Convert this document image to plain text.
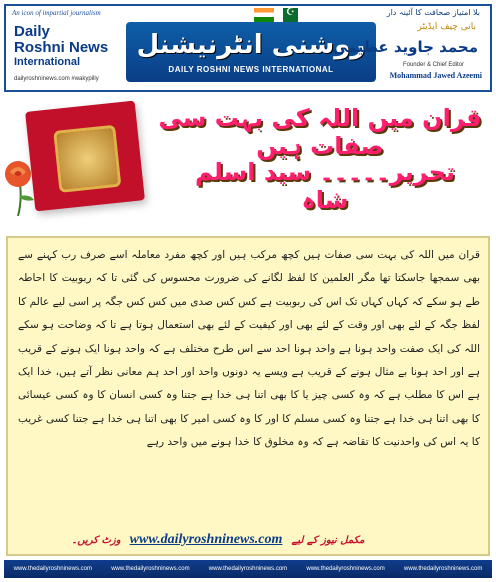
An icon of impartial journalism	بلا امتیاز صحافت کا آئینہ دار
Daily
Roshni News
International
dailyroshninews.com #wakypilly
☪
روشنی انٹرنیشنل
DAILY ROSHNI NEWS INTERNATIONAL
بانی چیف ایڈیٹر
محمد جاوید عظیمی
Founder & Chief Editor
Mohammad Jawed Azeemi
قران میں اللہ کی بہت سی صفات ہیں
تحریر۔۔۔۔۔ سید اسلم شاہ

قران میں اللہ کی بہت سی صفات ہیں کچھ مرکب ہیں اور کچھ مفرد معاملہ اسے صرف رب کہنے سے بھی سمجھا جاسکتا تھا مگر العلمین کا لفظ لگانے کی ضرورت محسوس کی گئی تا کہ ربوبیت کا احاطہ طے ہو سکے کہ کہاں کہاں تک اس کی ربوبیت ہے کس کس صدی میں کس کس جگہ پر اسی لیے عالم کا لفظ جگہ کے لئے بھی اور وقت کے لئے بھی اور کیفیت کے لئے بھی استعمال ہوتا ہے تا کہ وضاحت ہو سکے اللہ کی ایک صفت واحد ہونا ہے واحد ہونا احد سے اس طرح مختلف ہے کہ واحد ہونا ایک ہونے کے قریب ہے اور احد ہونا بے مثال ہونے کے قریب ہے ویسے یہ دونوں واحد اور احد ہم معانی نظر آتے ہیں، خدا ایک ہے اس کا مطلب ہے کہ وہ کسی چیز یا کا بھی اتنا ہی خدا ہے جتنا وہ کسی انسان کا وہ کسی عیسائی کا بھی اتنا ہی خدا ہے جتنا وہ کسی مسلم کا اور کا وہ کسی امیر کا بھی اتنا ہی خدا ہے جتنا کسی غریب کا یہ اس کی واحدنیت کا تقاضہ ہے کہ وہ مخلوق کا خدا ہونے میں واحد رہے

مکمل نیوز کے لیے www.dailyroshninews.com وزٹ کریں۔
www.thedailyroshninews.com	www.thedailyroshninews.com	www.thedailyroshninews.com	www.thedailyroshninews.com	www.thedailyroshninews.com
